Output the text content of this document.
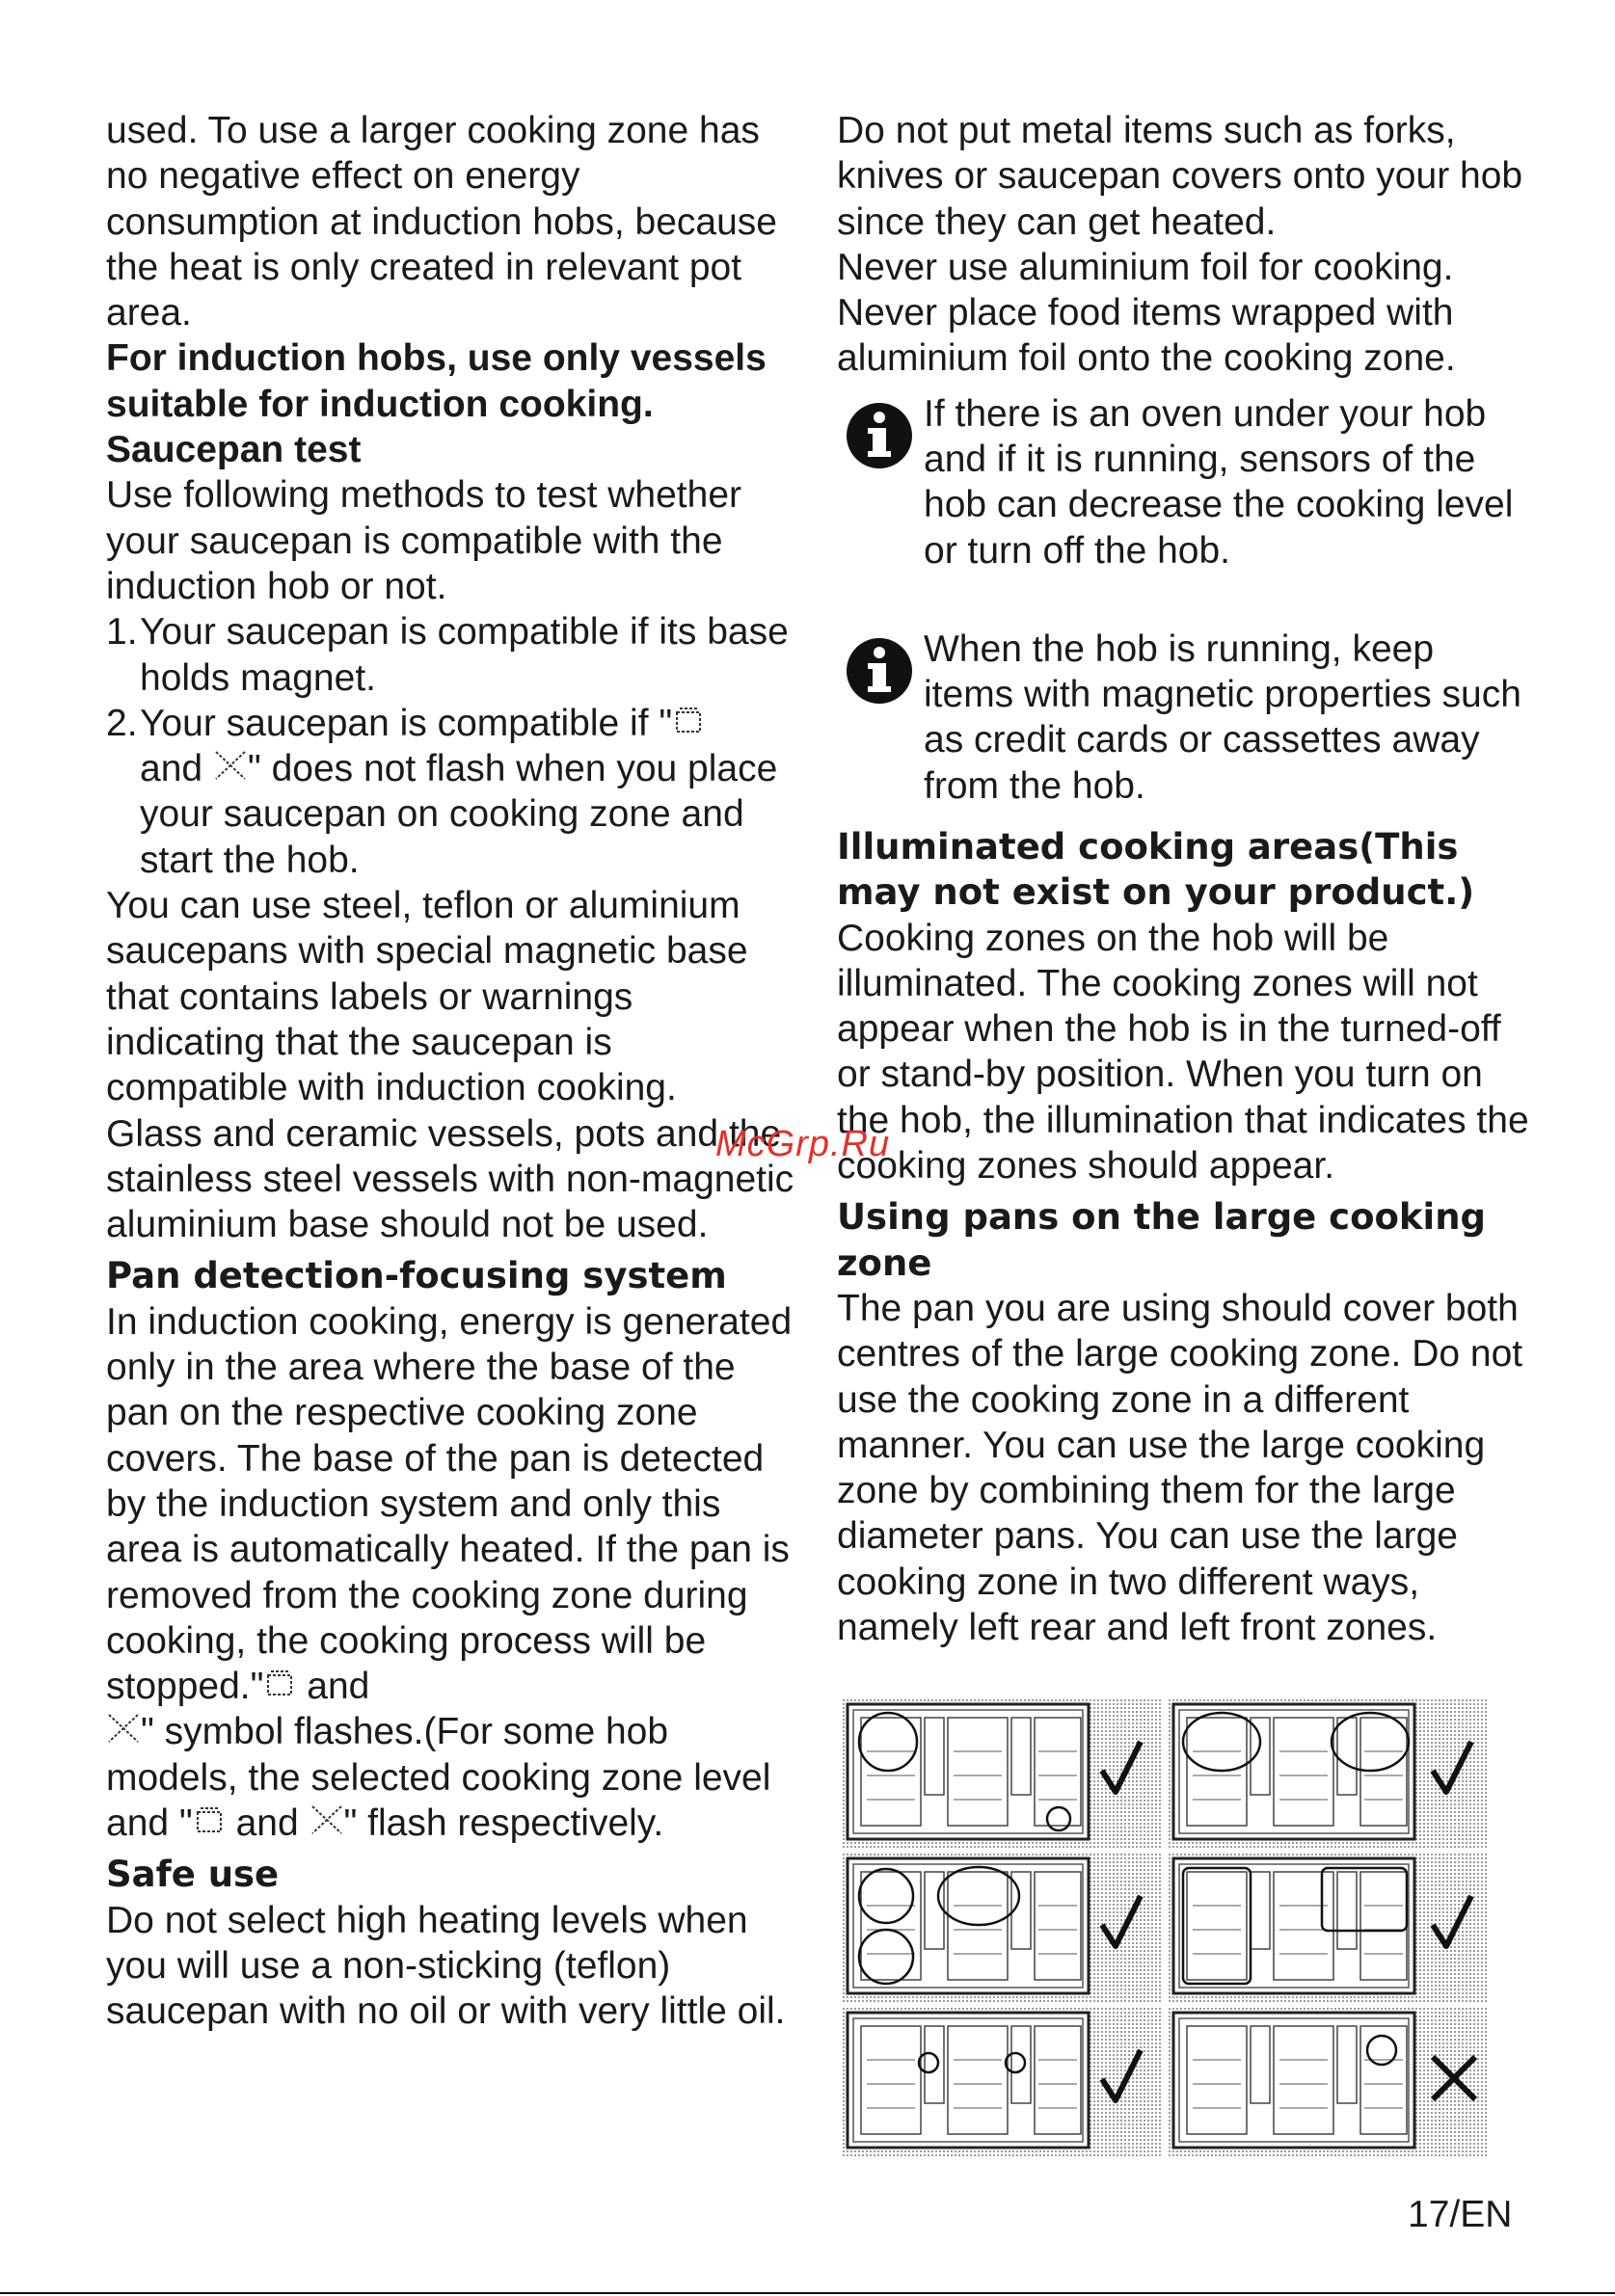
used. To use a larger cooking zone has no negative effect on energy consumption at induction hobs, because the heat is only created in relevant pot area.

For induction hobs, use only vessels suitable for induction cooking.

Saucepan test

Use following methods to test whether your saucepan is compatible with the induction hob or not.

1. Your saucepan is compatible if its base holds magnet.

2. Your saucepan is compatible if "
and " does not flash when you place your saucepan on cooking zone and start the hob.

You can use steel, teflon or aluminium saucepans with special magnetic base that contains labels or warnings indicating that the saucepan is compatible with induction cooking.

Glass and ceramic vessels, pots and the stainless steel vessels with non-magnetic aluminium base should not be used.

Pan detection-focusing system

In induction cooking, energy is generated only in the area where the base of the pan on the respective cooking zone covers. The base of the pan is detected by the induction system and only this area is automatically heated. If the pan is removed from the cooking zone during cooking, the cooking process will be stopped." and
" symbol flashes.(For some hob models, the selected cooking zone level and " and " flash respectively.

Safe use

Do not select high heating levels when you will use a non-sticking (teflon) saucepan with no oil or with very little oil.

Do not put metal items such as forks, knives or saucepan covers onto your hob since they can get heated.

Never use aluminium foil for cooking.

Never place food items wrapped with aluminium foil onto the cooking zone.

If there is an oven under your hob and if it is running, sensors of the hob can decrease the cooking level or turn off the hob.

When the hob is running, keep items with magnetic properties such as credit cards or cassettes away from the hob.

Illuminated cooking areas(This may not exist on your product.)

Cooking zones on the hob will be illuminated. The cooking zones will not appear when the hob is in the turned-off or stand-by position. When you turn on the hob, the illumination that indicates the cooking zones should appear.

Using pans on the large cooking zone

The pan you are using should cover both centres of the large cooking zone. Do not use the cooking zone in a different manner. You can use the large cooking zone by combining them for the large diameter pans. You can use the large cooking zone in two different ways, namely left rear and left front zones.

McGrp.Ru
17/EN
